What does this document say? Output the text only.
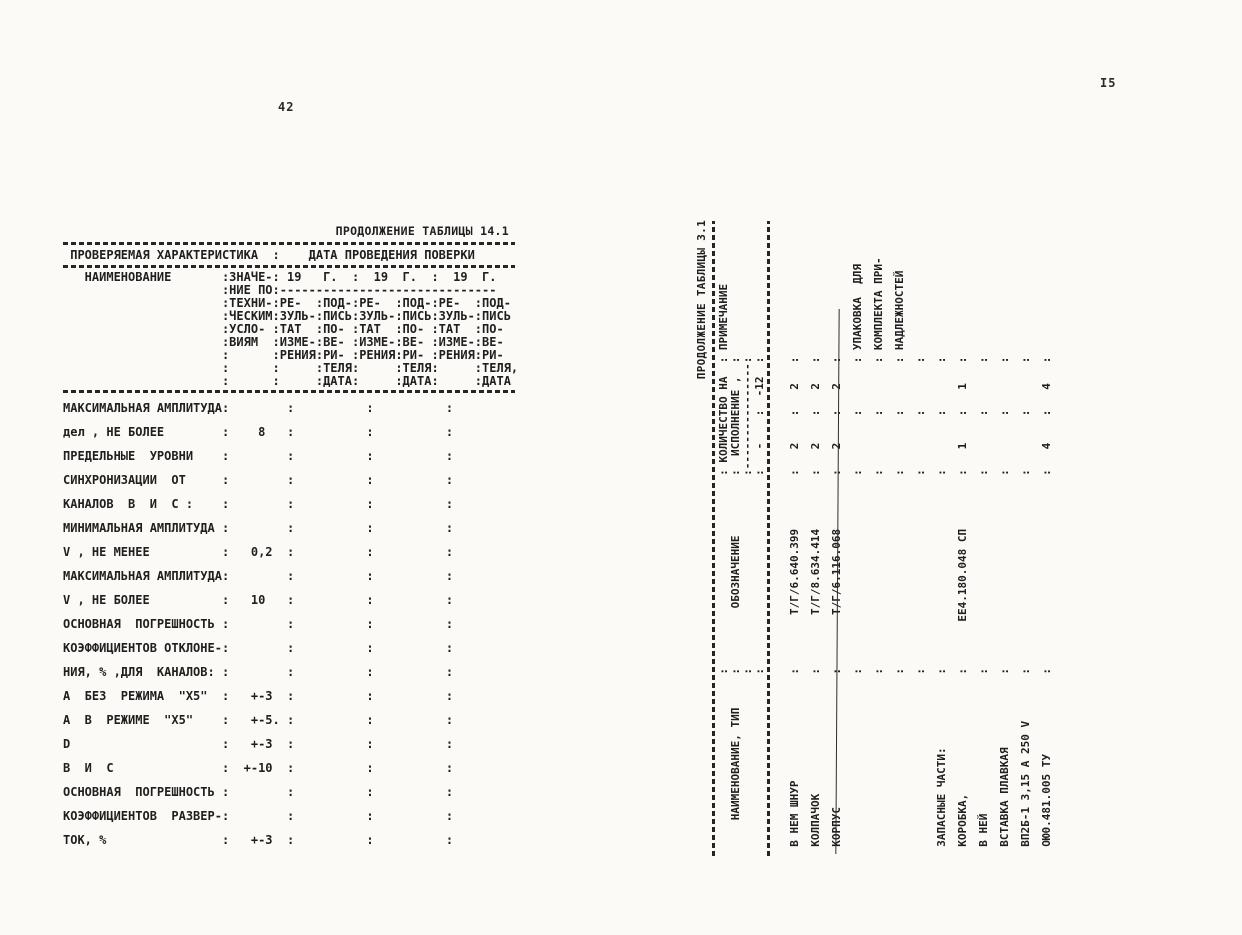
42
I5
ПРОДОЛЖЕНИЕ ТАБЛИЦЫ 14.1
ПРОВЕРЯЕМАЯ ХАРАКТЕРИСТИКА  :    ДАТА ПРОВЕДЕНИЯ ПОВЕРКИ
НАИМЕНОВАНИЕ       :ЗНАЧЕ-: 19   Г.  :  19  Г.  :  19  Г.
:НИЕ ПО:------------------------------
:ТЕХНИ-:РЕ-  :ПОД-:РЕ-  :ПОД-:РЕ-  :ПОД-
:ЧЕСКИМ:ЗУЛЬ-:ПИСЬ:ЗУЛЬ-:ПИСЬ:ЗУЛЬ-:ПИСЬ
:УСЛО- :ТАТ  :ПО- :ТАТ  :ПО- :ТАТ  :ПО-
:ВИЯМ  :ИЗМЕ-:ВЕ- :ИЗМЕ-:ВЕ- :ИЗМЕ-:ВЕ-
:      :РЕНИЯ:РИ- :РЕНИЯ:РИ- :РЕНИЯ:РИ-
:      :     :ТЕЛЯ:     :ТЕЛЯ:     :ТЕЛЯ,
:      :     :ДАТА:     :ДАТА:     :ДАТА
МАКСИМАЛЬНАЯ АМПЛИТУДА:        :          :          :
дел , НЕ БОЛЕЕ        :    8   :          :          :
ПРЕДЕЛЬНЫЕ  УРОВНИ    :        :          :          :
СИНХРОНИЗАЦИИ  ОТ     :        :          :          :
КАНАЛОВ  В  И  С :    :        :          :          :
МИНИМАЛЬНАЯ АМПЛИТУДА :        :          :          :
V , НЕ МЕНЕЕ          :   0,2  :          :          :
МАКСИМАЛЬНАЯ АМПЛИТУДА:        :          :          :
V , НЕ БОЛЕЕ          :   10   :          :          :
ОСНОВНАЯ  ПОГРЕШНОСТЬ :        :          :          :
КОЭФФИЦИЕНТОВ ОТКЛОНЕ-:        :          :          :
НИЯ, % ,ДЛЯ  КАНАЛОВ: :        :          :          :
А  БЕЗ  РЕЖИМА  "Х5"  :   +-3  :          :          :
А  В  РЕЖИМЕ  "Х5"    :   +-5. :          :          :
D                     :   +-3  :          :          :
В  И  С               :  +-10  :          :          :
ОСНОВНАЯ  ПОГРЕШНОСТЬ :        :          :          :
КОЭФФИЦИЕНТОВ  РАЗВЕР-:        :          :          :
ТОК, %                :   +-3  :          :          :
ПРОДОЛЖЕНИЕ ТАБЛИЦЫ 3.1 :                             : КОЛИЧЕСТВО НА  : ПРИМЕЧАНИЕ НАИМЕНОВАНИЕ, ТИП     :         ОБОЗНАЧЕНИЕ         :  ИСПОЛНЕНИЕ ,  : :                             :----------------: :                             :   -    :  -12  :	В НЕМ ШНУР                :        Т/Г/6.640.399        :   2    :   2   : КОЛПАЧОК                  :        Т/Г/8.634.414        :   2    :   2   : КОРПУС                    :        Т/Г/6.116.068        :   2    :   2   : :                             :        :       : УПАКОВКА  ДЛЯ :                             :        :       : КОМПЛЕКТА ПРИ- :                             :        :       : НАДЛЕЖНОСТЕЙ :                             :        :       : ЗАПАСНЫЕ ЧАСТИ:           :                             :        :       : КОРОБКА,                  :       ЕЕ4.180.048 СП        :   1    :   1   : В НЕЙ                     :                             :        :       : ВСТАВКА ПЛАВКАЯ           :                             :        :       : ВП2Б-1 3,15 А 250 V       :                             :        :       : ОЮ0.481.005 ТУ            :                             :   4    :   4   :
